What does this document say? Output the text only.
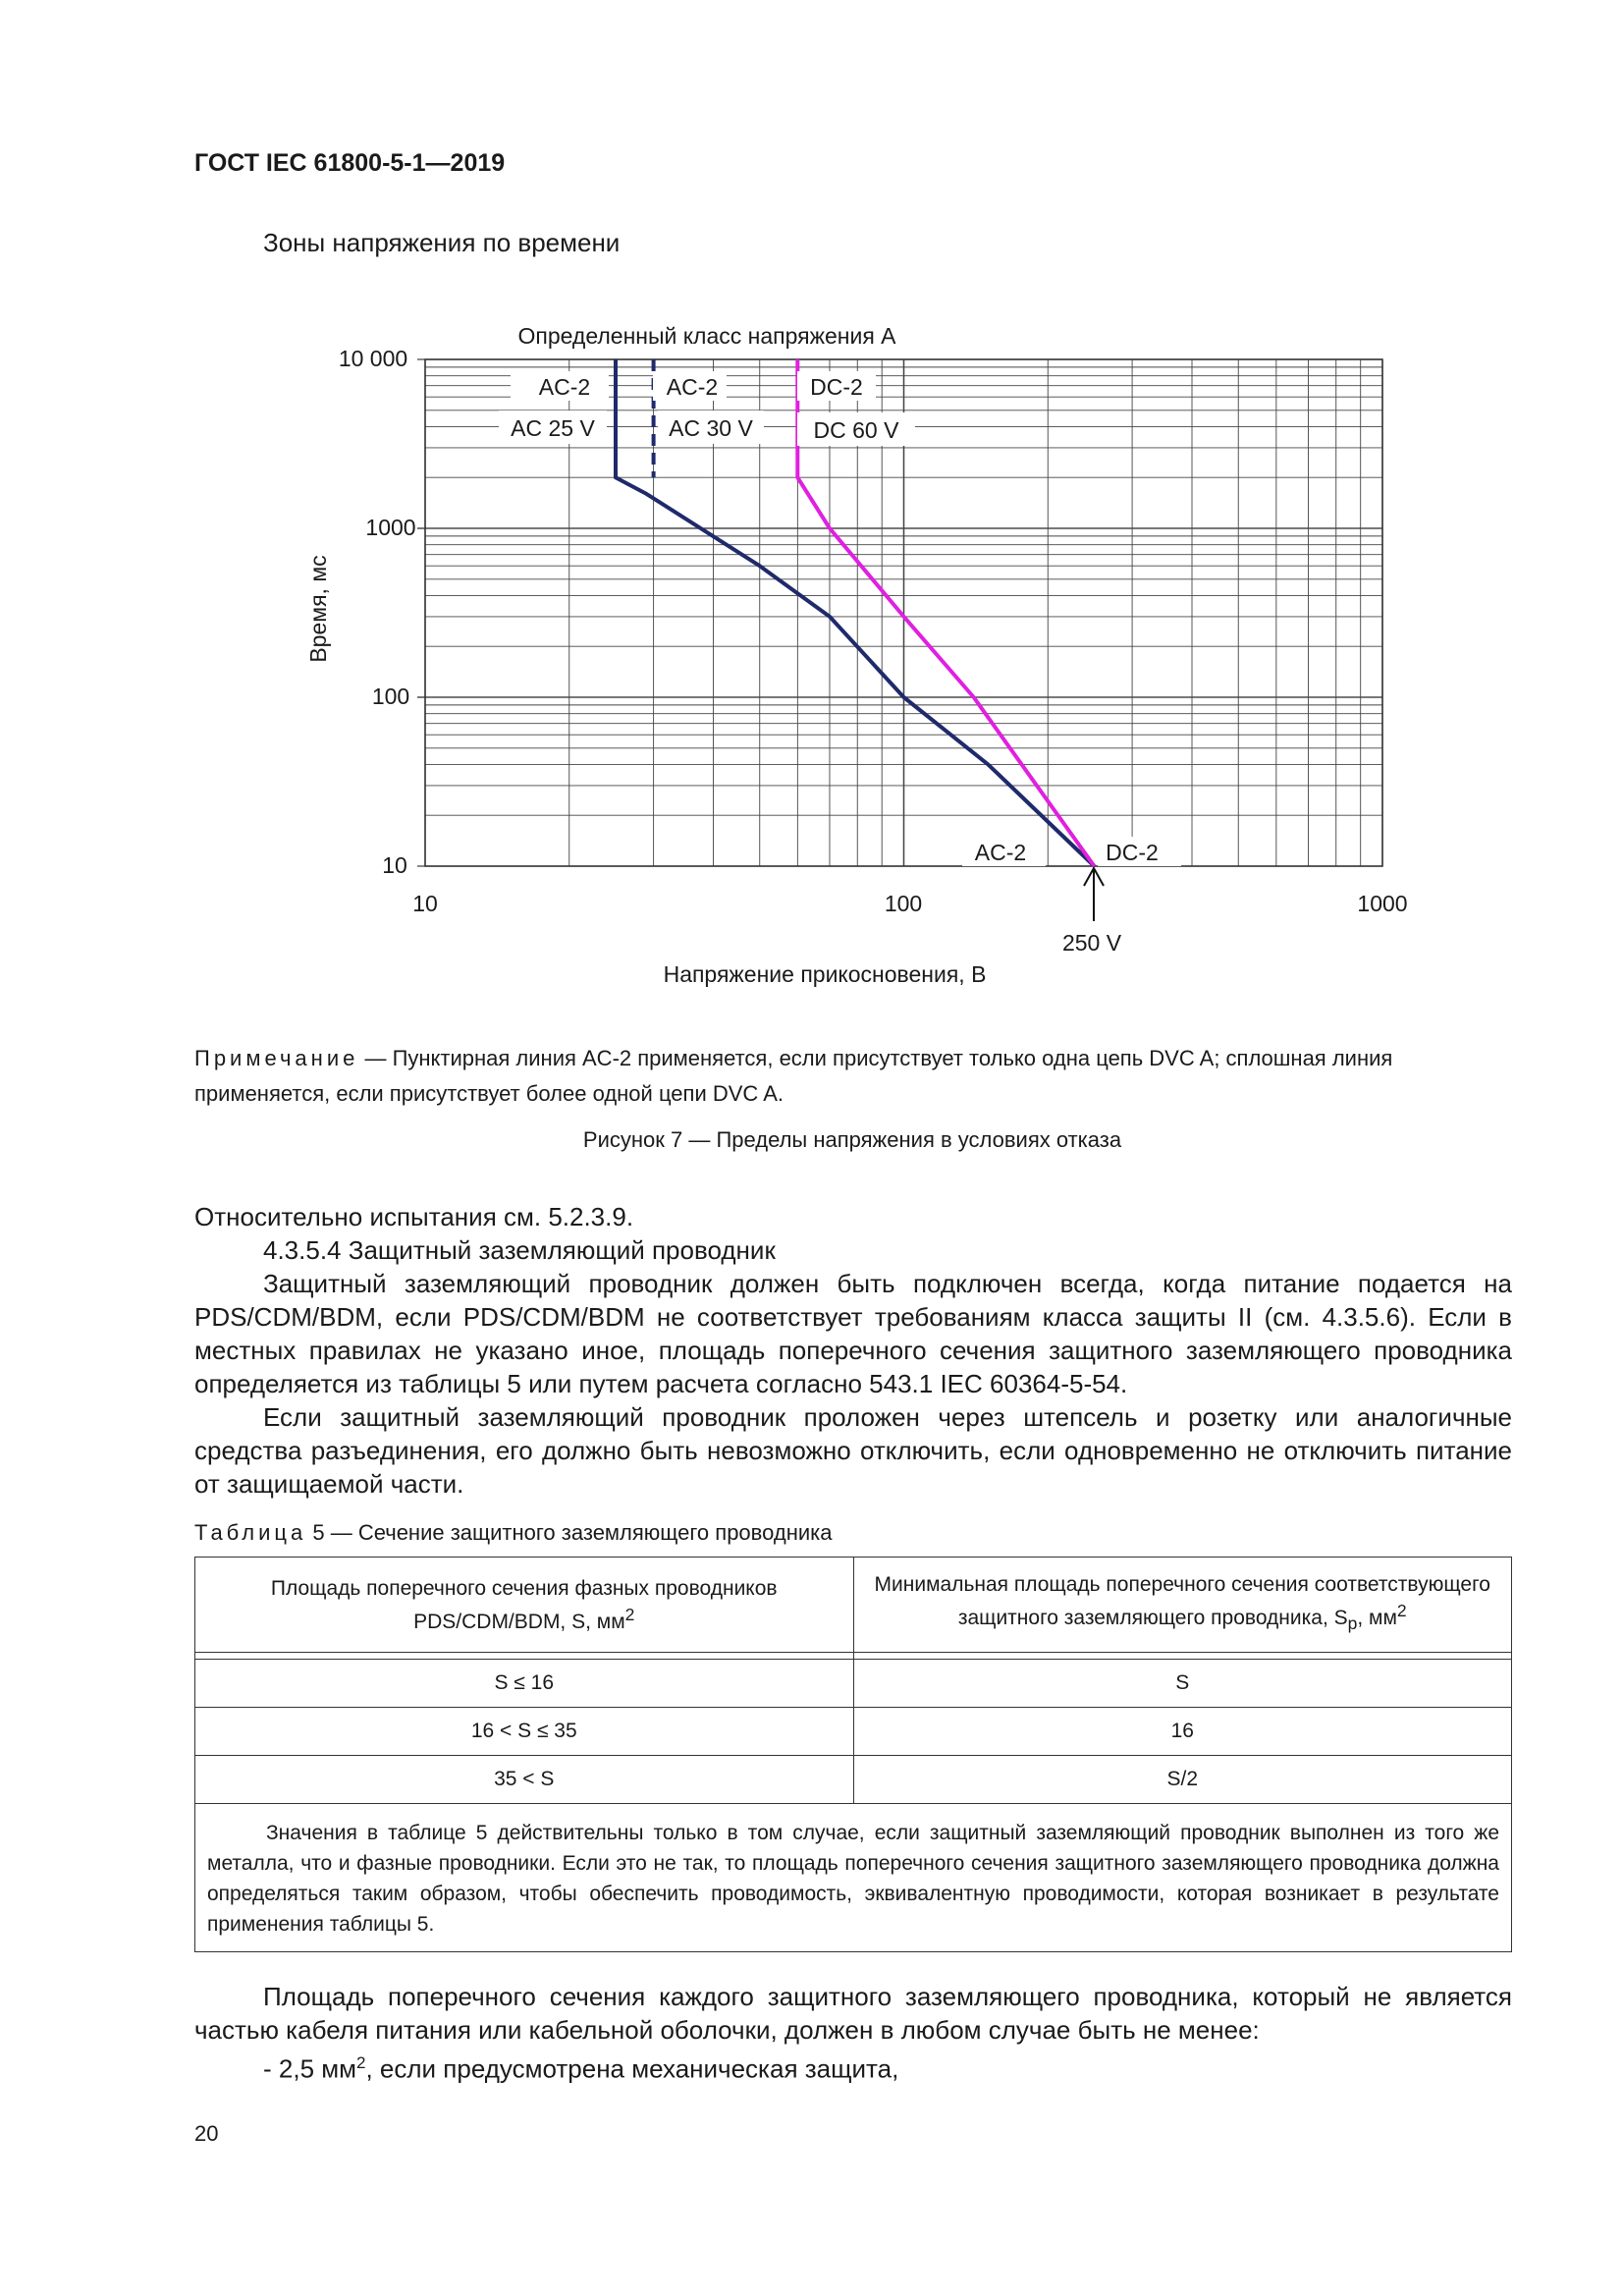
ГОСТ IEC 61800-5-1—2019
Зоны напряжения по времени
Определенный класс напряжения A
AC-2
AC 25 V
AC-2
AC 30 V
DC-2
DC 60 V
AC-2	DC-2
250 V
10 000
1000
100
10
10	100	1000
Напряжение прикосновения, В
Время, мс
Примечание — Пунктирная линия AC-2 применяется, если присутствует только одна цепь DVC A; сплошная линия применяется, если присутствует более одной цепи DVC A.
Рисунок 7 — Пределы напряжения в условиях отказа
Относительно испытания см. 5.2.3.9.
4.3.5.4 Защитный заземляющий проводник
Защитный заземляющий проводник должен быть подключен всегда, когда питание подается на PDS/CDM/BDM, если PDS/CDM/BDM не соответствует требованиям класса защиты II (см. 4.3.5.6). Если в местных правилах не указано иное, площадь поперечного сечения защитного заземляющего проводника определяется из таблицы 5 или путем расчета согласно 543.1 IEC 60364-5-54.
Если защитный заземляющий проводник проложен через штепсель и розетку или аналогичные средства разъединения, его должно быть невозможно отключить, если одновременно не отключить питание от защищаемой части.
Таблица 5 — Сечение защитного заземляющего проводника
Площадь поперечного сечения фазных проводников PDS/CDM/BDM, S, $мм^2$	Минимальная площадь поперечного сечения соответствующего защитного заземляющего проводника, $S_p$, $мм^2$

S ≤ 16	S
16 < S ≤ 35	16
35 < S	S/2
Значения в таблице 5 действительны только в том случае, если защитный заземляющий проводник выполнен из того же металла, что и фазные проводники. Если это не так, то площадь поперечного сечения защитного заземляющего проводника должна определяться таким образом, чтобы обеспечить проводимость, эквивалентную проводимости, которая возникает в результате применения таблицы 5.	
Площадь поперечного сечения каждого защитного заземляющего проводника, который не является частью кабеля питания или кабельной оболочки, должен в любом случае быть не менее:
- 2,5 $мм^2$, если предусмотрена механическая защита,
20
